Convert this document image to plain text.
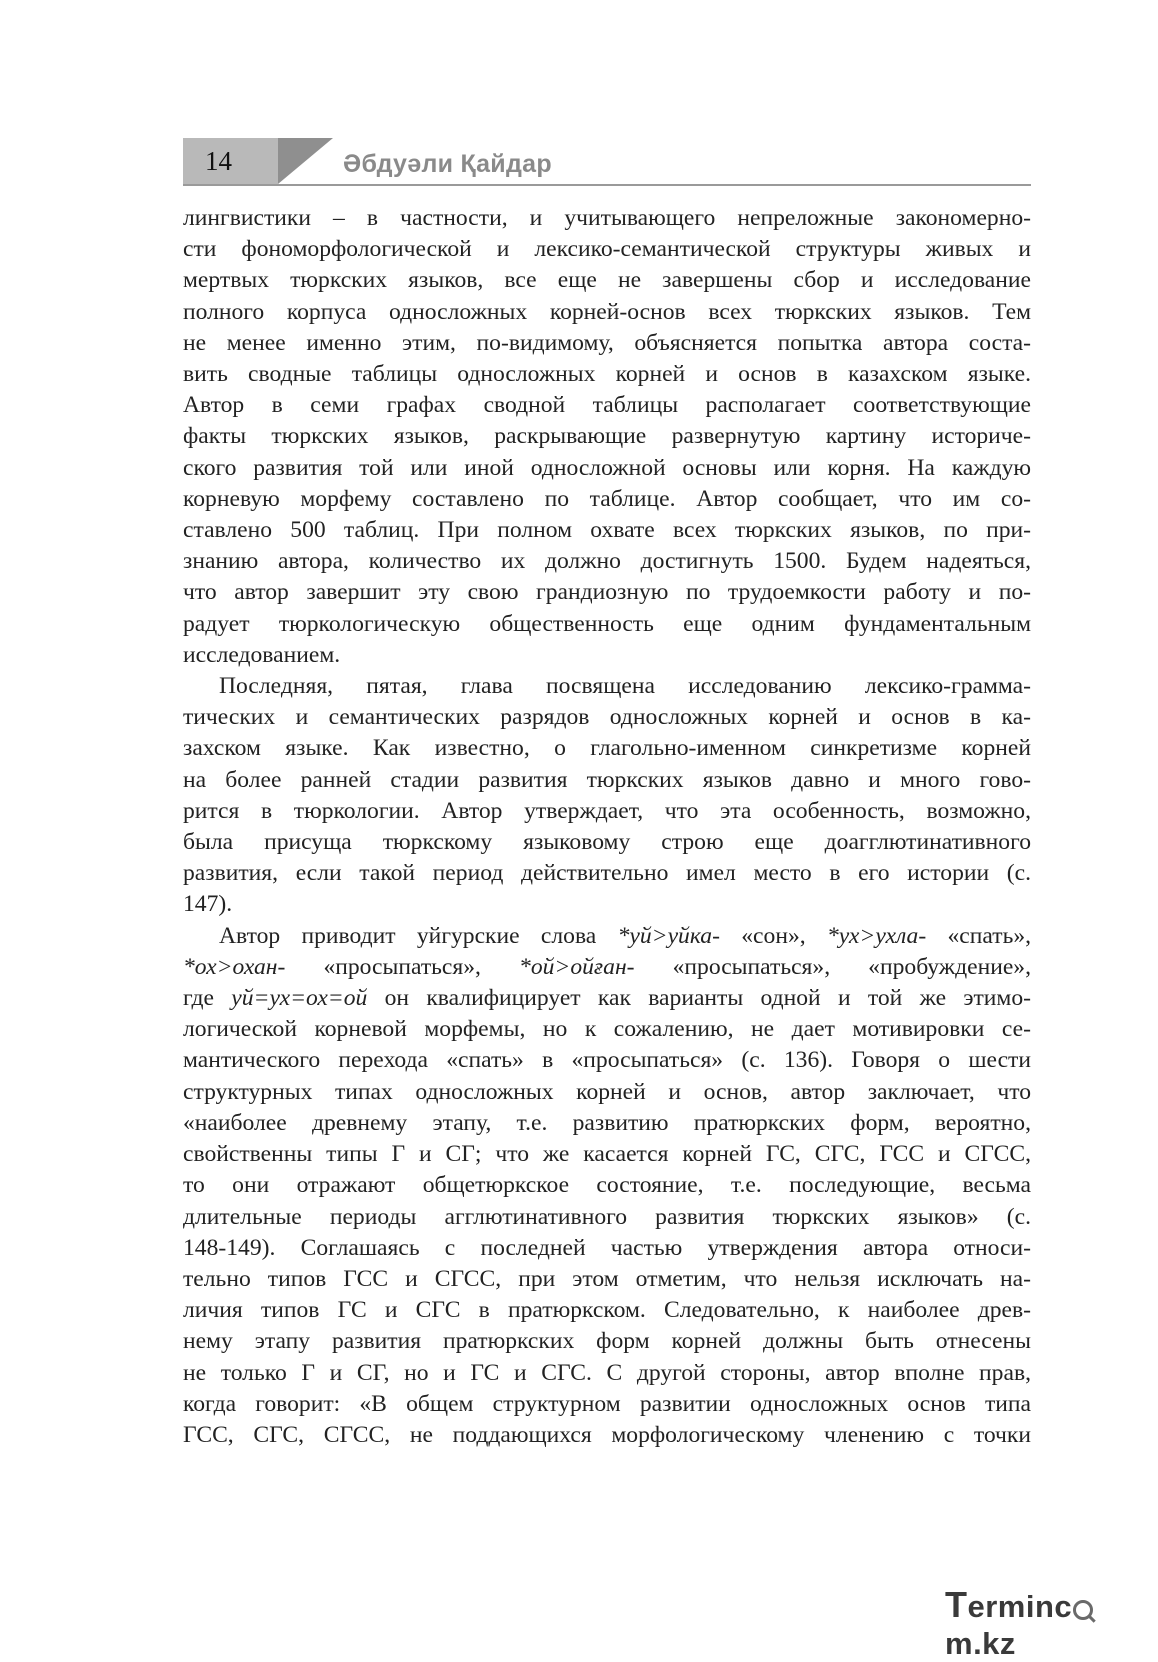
14	Әбдуәли Қайдар

лингвистики – в частности, и учитывающего непреложные закономерно-
сти фономорфологической и лексико-семантической структуры живых и
мертвых тюркских языков, все еще не завершены сбор и исследование
полного корпуса односложных корней-основ всех тюркских языков. Тем
не менее именно этим, по-видимому, объясняется попытка автора соста-
вить сводные таблицы односложных корней и основ в казахском языке.
Автор в семи графах сводной таблицы располагает соответствующие
факты тюркских языков, раскрывающие развернутую картину историче-
ского развития той или иной односложной основы или корня. На каждую
корневую морфему составлено по таблице. Автор сообщает, что им со-
ставлено 500 таблиц. При полном охвате всех тюркских языков, по при-
знанию автора, количество их должно достигнуть 1500. Будем надеяться,
что автор завершит эту свою грандиозную по трудоемкости работу и по-
радует тюркологическую общественность еще одним фундаментальным
исследованием.

Последняя, пятая, глава посвящена исследованию лексико-грамма-
тических и семантических разрядов односложных корней и основ в ка-
захском языке. Как известно, о глагольно-именном синкретизме корней
на более ранней стадии развития тюркских языков давно и много гово-
рится в тюркологии. Автор утверждает, что эта особенность, возможно,
была присуща тюркскому языковому строю еще доагглютинативного
развития, если такой период действительно имел место в его истории (с.
147).

Автор приводит уйгурские слова *уй>уйка- «сон», *ух>ухла- «спать»,
*ох>охан- «просыпаться», *ой>ойған- «просыпаться», «пробуждение»,
где уй=ух=ох=ой он квалифицирует как варианты одной и той же этимо-
логической корневой морфемы, но к сожалению, не дает мотивировки се-
мантического перехода «спать» в «просыпаться» (с. 136). Говоря о шести
структурных типах односложных корней и основ, автор заключает, что
«наиболее древнему этапу, т.е. развитию пратюркских форм, вероятно,
свойственны типы Г и СГ; что же касается корней ГС, СГС, ГСС и СГСС,
то они отражают общетюркское состояние, т.е. последующие, весьма
длительные периоды агглютинативного развития тюркских языков» (с.
148-149). Соглашаясь с последней частью утверждения автора относи-
тельно типов ГСС и СГСС, при этом отметим, что нельзя исключать на-
личия типов ГС и СГС в пратюркском. Следовательно, к наиболее древ-
нему этапу развития пратюркских форм корней должны быть отнесены
не только Г и СГ, но и ГС и СГС. С другой стороны, автор вполне прав,
когда говорит: «В общем структурном развитии односложных основ типа
ГСС, СГС, СГСС, не поддающихся морфологическому членению с точки

Termincm.kz
